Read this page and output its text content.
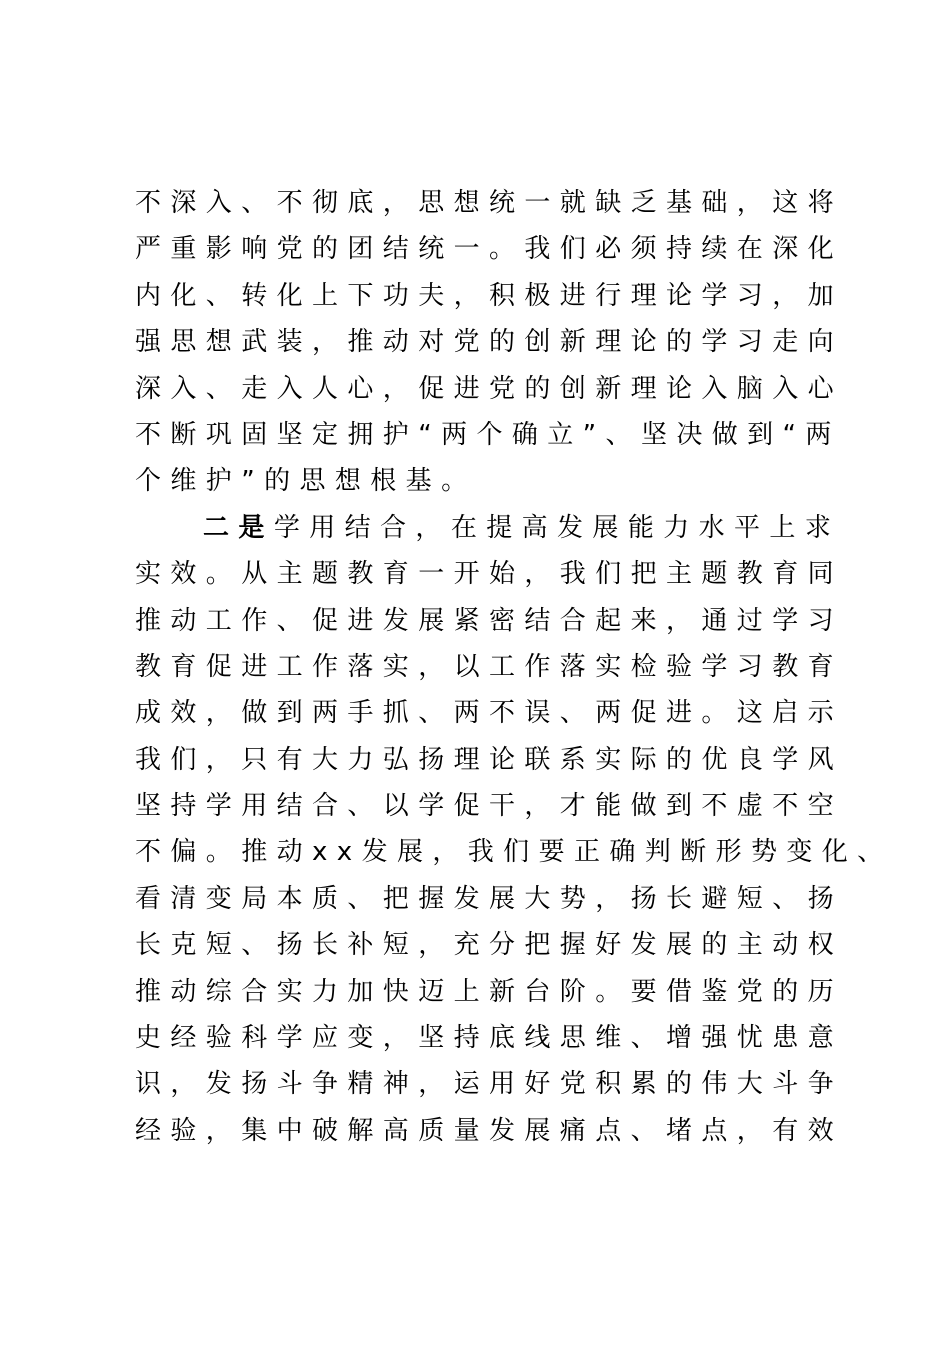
不深入、不彻底，思想统一就缺乏基础，这将
严重影响党的团结统一。我们必须持续在深化
内化、转化上下功夫，积极进行理论学习，加
强思想武装，推动对党的创新理论的学习走向
深入、走入人心，促进党的创新理论入脑入心
不断巩固坚定拥护“两个确立”、坚决做到“两
个维护”的思想根基。
二是学用结合，在提高发展能力水平上求
实效。从主题教育一开始，我们把主题教育同
推动工作、促进发展紧密结合起来，通过学习
教育促进工作落实，以工作落实检验学习教育
成效，做到两手抓、两不误、两促进。这启示
我们，只有大力弘扬理论联系实际的优良学风
坚持学用结合、以学促干，才能做到不虚不空
不偏。推动xx发展，我们要正确判断形势变化、
看清变局本质、把握发展大势，扬长避短、扬
长克短、扬长补短，充分把握好发展的主动权
推动综合实力加快迈上新台阶。要借鉴党的历
史经验科学应变，坚持底线思维、增强忧患意
识，发扬斗争精神，运用好党积累的伟大斗争
经验，集中破解高质量发展痛点、堵点，有效
